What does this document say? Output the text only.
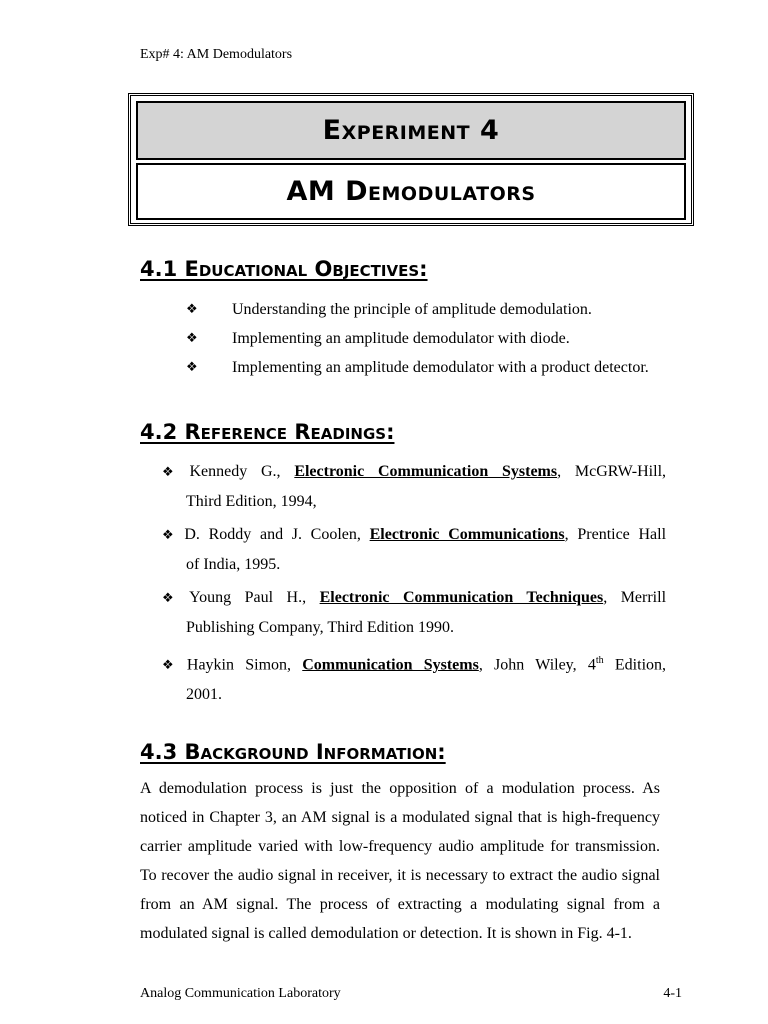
Exp# 4: AM Demodulators
Experiment 4
AM Demodulators
4.1 Educational Objectives:
❖	Understanding the principle of amplitude demodulation.
❖	Implementing an amplitude demodulator with diode.
❖	Implementing an amplitude demodulator with a product detector.
4.2 Reference Readings:
❖ Kennedy G., Electronic Communication Systems, McGRW-Hill,
Third Edition, 1994,
❖ D. Roddy and J. Coolen, Electronic Communications, Prentice Hall
of India, 1995.
❖ Young Paul H., Electronic Communication Techniques, Merrill
Publishing Company, Third Edition 1990.
❖ Haykin Simon, Communication Systems, John Wiley, 4th Edition,
2001.
4.3 Background Information:
A demodulation process is just the opposition of a modulation process. As noticed in Chapter 3, an AM signal is a modulated signal that is high-frequency carrier amplitude varied with low-frequency audio amplitude for transmission. To recover the audio signal in receiver, it is necessary to extract the audio signal from an AM signal. The process of extracting a modulating signal from a modulated signal is called demodulation or detection. It is shown in Fig. 4-1.
Analog Communication Laboratory	4-1
